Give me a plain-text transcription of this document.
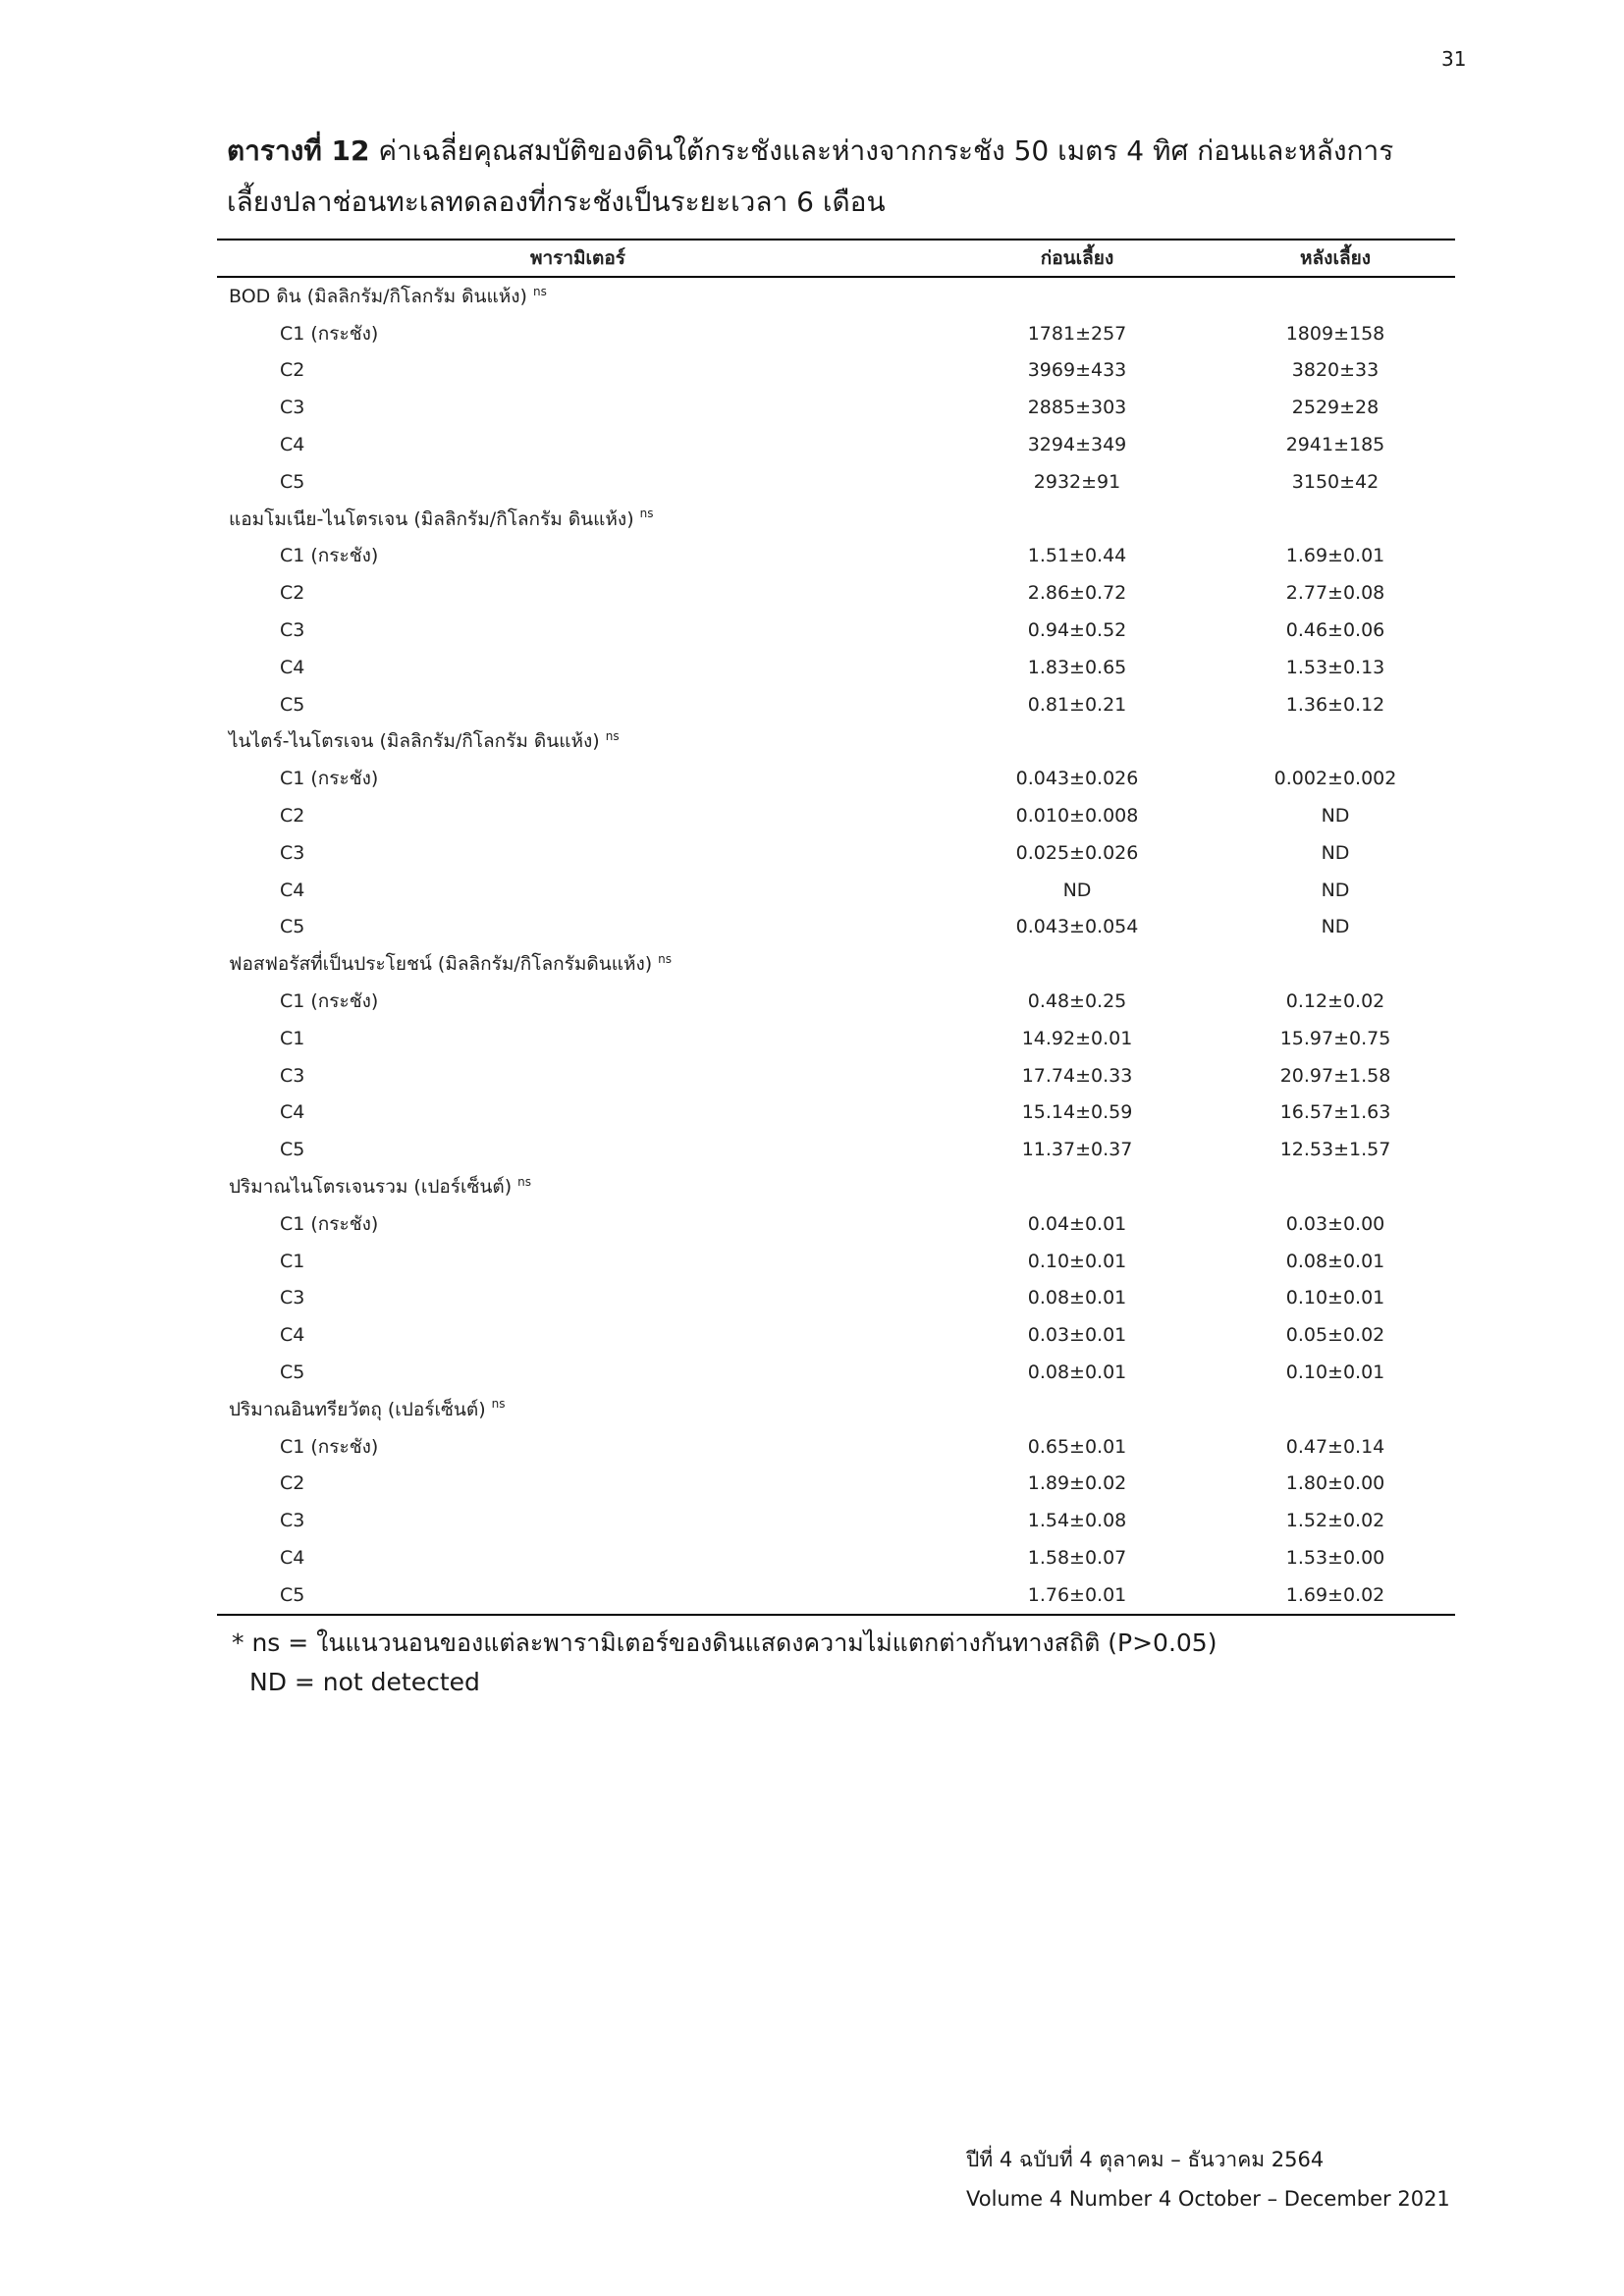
31
ตารางที่ 12 ค่าเฉลี่ยคุณสมบัติของดินใต้กระชังและห่างจากกระชัง 50 เมตร 4 ทิศ ก่อนและหลังการเลี้ยงปลาช่อนทะเลทดลองที่กระชังเป็นระยะเวลา 6 เดือน
พารามิเตอร์	ก่อนเลี้ยง	หลังเลี้ยง
BOD ดิน (มิลลิกรัม/กิโลกรัม ดินแห้ง) $^{ns}$
C1 (กระชัง)	1781±257	1809±158
C2	3969±433	3820±33
C3	2885±303	2529±28
C4	3294±349	2941±185
C5	2932±91	3150±42
แอมโมเนีย-ไนโตรเจน (มิลลิกรัม/กิโลกรัม ดินแห้ง) $^{ns}$
C1 (กระชัง)	1.51±0.44	1.69±0.01
C2	2.86±0.72	2.77±0.08
C3	0.94±0.52	0.46±0.06
C4	1.83±0.65	1.53±0.13
C5	0.81±0.21	1.36±0.12
ไนไตร์-ไนโตรเจน (มิลลิกรัม/กิโลกรัม ดินแห้ง) $^{ns}$
C1 (กระชัง)	0.043±0.026	0.002±0.002
C2	0.010±0.008	ND
C3	0.025±0.026	ND
C4	ND	ND
C5	0.043±0.054	ND
ฟอสฟอรัสที่เป็นประโยชน์ (มิลลิกรัม/กิโลกรัมดินแห้ง) $^{ns}$
C1 (กระชัง)	0.48±0.25	0.12±0.02
C1	14.92±0.01	15.97±0.75
C3	17.74±0.33	20.97±1.58
C4	15.14±0.59	16.57±1.63
C5	11.37±0.37	12.53±1.57
ปริมาณไนโตรเจนรวม (เปอร์เซ็นต์) $^{ns}$
C1 (กระชัง)	0.04±0.01	0.03±0.00
C1	0.10±0.01	0.08±0.01
C3	0.08±0.01	0.10±0.01
C4	0.03±0.01	0.05±0.02
C5	0.08±0.01	0.10±0.01
ปริมาณอินทรียวัตถุ (เปอร์เซ็นต์) $^{ns}$
C1 (กระชัง)	0.65±0.01	0.47±0.14
C2	1.89±0.02	1.80±0.00
C3	1.54±0.08	1.52±0.02
C4	1.58±0.07	1.53±0.00
C5	1.76±0.01	1.69±0.02
* ns = ในแนวนอนของแต่ละพารามิเตอร์ของดินแสดงความไม่แตกต่างกันทางสถิติ (P>0.05)
ND = not detected
ปีที่ 4 ฉบับที่ 4 ตุลาคม – ธันวาคม 2564
Volume 4 Number 4 October – December 2021
